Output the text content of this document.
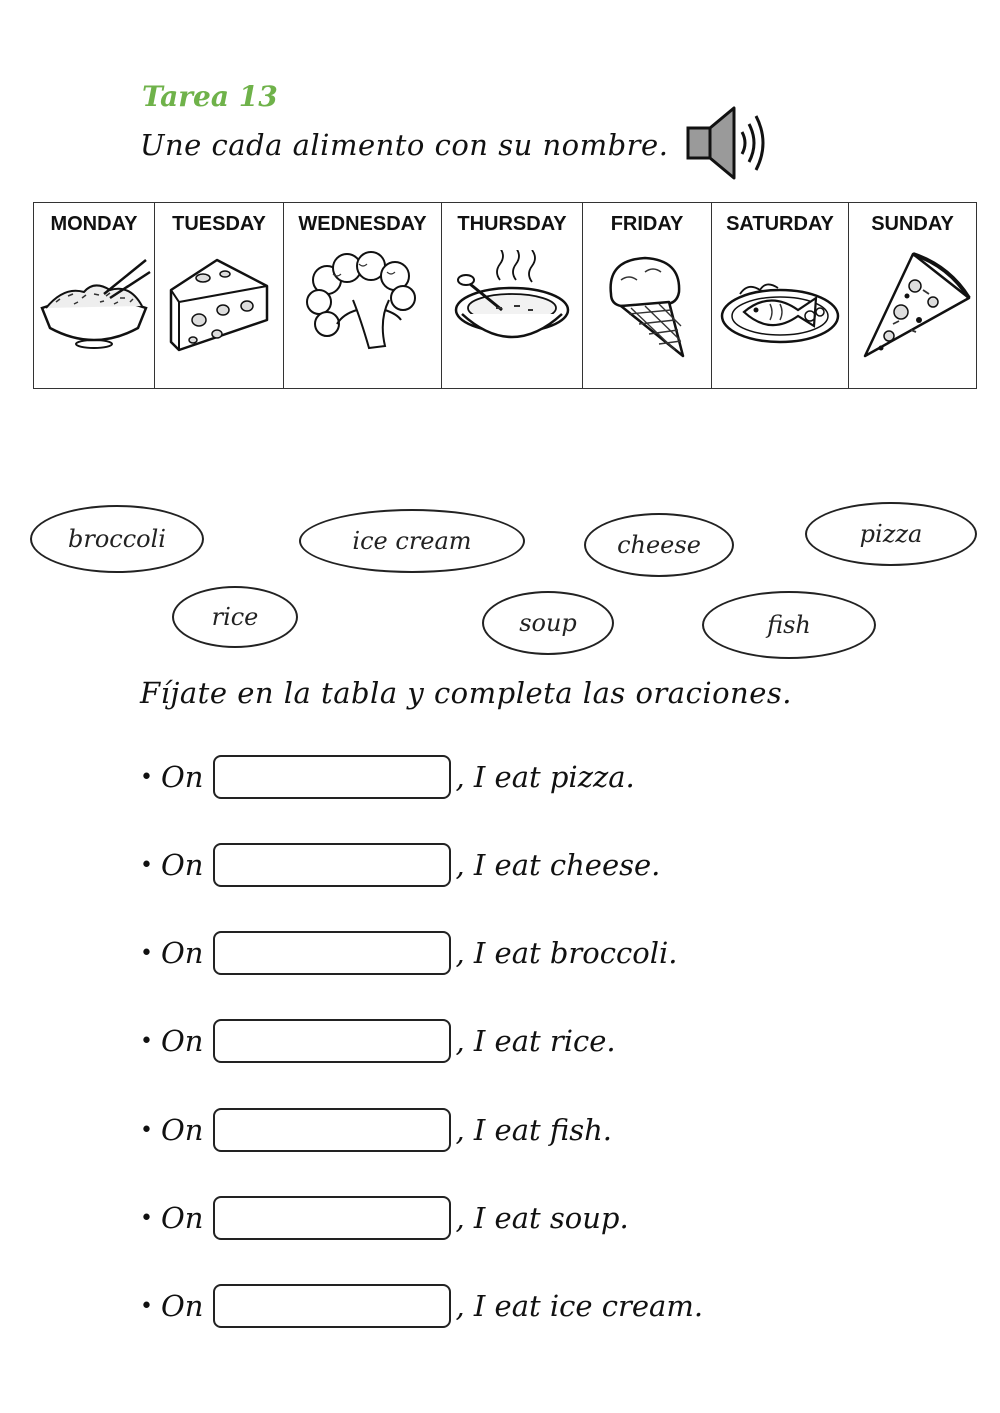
Tarea 13
Une cada alimento con su nombre.
MONDAY	TUESDAY	WEDNESDAY	THURSDAY	FRIDAY	SATURDAY	SUNDAY
broccoli	ice cream	cheese	pizza
rice	soup	fish
Fíjate en la tabla y completa las oraciones.
• On	, I eat pizza.
• On	, I eat cheese.
• On	, I eat broccoli.
• On	, I eat rice.
• On	, I eat fish.
• On	, I eat soup.
• On	, I eat ice cream.
